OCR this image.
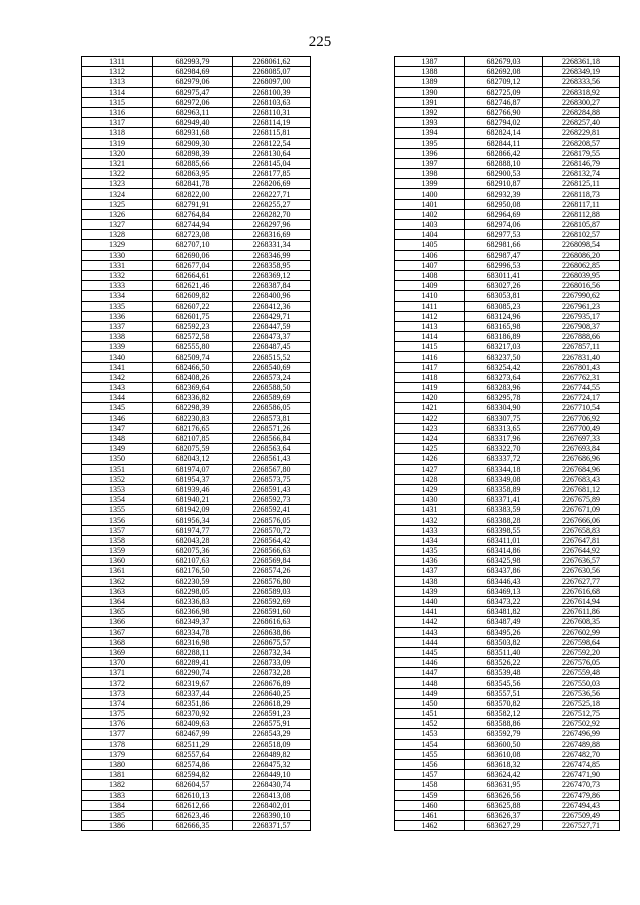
225
1311	682993,79	2268061,62
1312	682984,69	2268085,07
1313	682979,06	2268097,00
1314	682975,47	2268100,39
1315	682972,06	2268103,63
1316	682963,11	2268110,31
1317	682949,40	2268114,19
1318	682931,68	2268115,81
1319	682909,30	2268122,54
1320	682898,39	2268130,64
1321	682885,66	2268145,04
1322	682863,95	2268177,85
1323	682841,78	2268206,69
1324	682822,00	2268227,71
1325	682791,91	2268255,27
1326	682764,84	2268282,70
1327	682744,94	2268297,96
1328	682723,08	2268316,69
1329	682707,10	2268331,34
1330	682690,06	2268346,99
1331	682677,04	2268358,95
1332	682664,61	2268369,12
1333	682621,46	2268387,84
1334	682609,82	2268400,96
1335	682607,22	2268412,36
1336	682601,75	2268429,71
1337	682592,23	2268447,59
1338	682572,58	2268473,37
1339	682555,80	2268487,45
1340	682509,74	2268515,52
1341	682466,50	2268540,69
1342	682408,26	2268573,24
1343	682369,64	2268588,50
1344	682336,82	2268589,69
1345	682298,39	2268586,05
1346	682230,83	2268573,81
1347	682176,65	2268571,26
1348	682107,85	2268566,84
1349	682075,59	2268563,64
1350	682043,12	2268561,43
1351	681974,07	2268567,80
1352	681954,37	2268573,75
1353	681939,46	2268591,43
1354	681940,21	2268592,73
1355	681942,09	2268592,41
1356	681956,34	2268576,05
1357	681974,77	2268570,72
1358	682043,28	2268564,42
1359	682075,36	2268566,63
1360	682107,63	2268569,84
1361	682176,50	2268574,26
1362	682230,59	2268576,80
1363	682298,05	2268589,03
1364	682336,83	2268592,69
1365	682366,98	2268591,60
1366	682349,37	2268616,63
1367	682334,78	2268638,86
1368	682316,98	2268675,57
1369	682288,11	2268732,34
1370	682289,41	2268733,09
1371	682290,74	2268732,28
1372	682319,67	2268676,89
1373	682337,44	2268640,25
1374	682351,86	2268618,29
1375	682370,92	2268591,23
1376	682409,63	2268575,91
1377	682467,99	2268543,29
1378	682511,29	2268518,09
1379	682557,64	2268489,82
1380	682574,86	2268475,32
1381	682594,82	2268449,10
1382	682604,57	2268430,74
1383	682610,13	2268413,08
1384	682612,66	2268402,01
1385	682623,46	2268390,10
1386	682666,35	2268371,57
1387	682679,03	2268361,18
1388	682692,08	2268349,19
1389	682709,12	2268333,56
1390	682725,09	2268318,92
1391	682746,87	2268300,27
1392	682766,90	2268284,88
1393	682794,02	2268257,40
1394	682824,14	2268229,81
1395	682844,11	2268208,57
1396	682866,42	2268179,55
1397	682888,10	2268146,79
1398	682900,53	2268132,74
1399	682910,87	2268125,11
1400	682932,39	2268118,73
1401	682950,08	2268117,11
1402	682964,69	2268112,88
1403	682974,06	2268105,87
1404	682977,53	2268102,57
1405	682981,66	2268098,54
1406	682987,47	2268086,20
1407	682996,53	2268062,85
1408	683011,41	2268039,95
1409	683027,26	2268016,56
1410	683053,81	2267990,62
1411	683085,23	2267961,23
1412	683124,96	2267935,17
1413	683165,98	2267908,37
1414	683186,89	2267888,66
1415	683217,03	2267857,11
1416	683237,50	2267831,40
1417	683254,42	2267801,43
1418	683273,64	2267762,31
1419	683283,96	2267744,55
1420	683295,78	2267724,17
1421	683304,90	2267710,54
1422	683307,75	2267706,92
1423	683313,65	2267700,49
1424	683317,96	2267697,33
1425	683322,70	2267693,84
1426	683337,72	2267686,96
1427	683344,18	2267684,96
1428	683349,08	2267683,43
1429	683358,89	2267681,12
1430	683371,41	2267675,89
1431	683383,59	2267671,09
1432	683388,28	2267666,06
1433	683398,55	2267658,83
1434	683411,01	2267647,81
1435	683414,86	2267644,92
1436	683425,98	2267636,57
1437	683437,86	2267630,56
1438	683446,43	2267627,77
1439	683469,13	2267616,68
1440	683473,22	2267614,94
1441	683481,82	2267611,86
1442	683487,49	2267608,35
1443	683495,26	2267602,99
1444	683503,82	2267598,64
1445	683511,40	2267592,20
1446	683526,22	2267576,05
1447	683539,48	2267559,48
1448	683545,56	2267550,03
1449	683557,51	2267536,56
1450	683570,82	2267525,18
1451	683582,12	2267512,75
1452	683588,86	2267502,92
1453	683592,79	2267496,99
1454	683600,50	2267489,88
1455	683610,08	2267482,70
1456	683618,32	2267474,85
1457	683624,42	2267471,90
1458	683631,95	2267470,73
1459	683626,56	2267479,86
1460	683625,88	2267494,43
1461	683626,37	2267509,49
1462	683627,29	2267527,71
